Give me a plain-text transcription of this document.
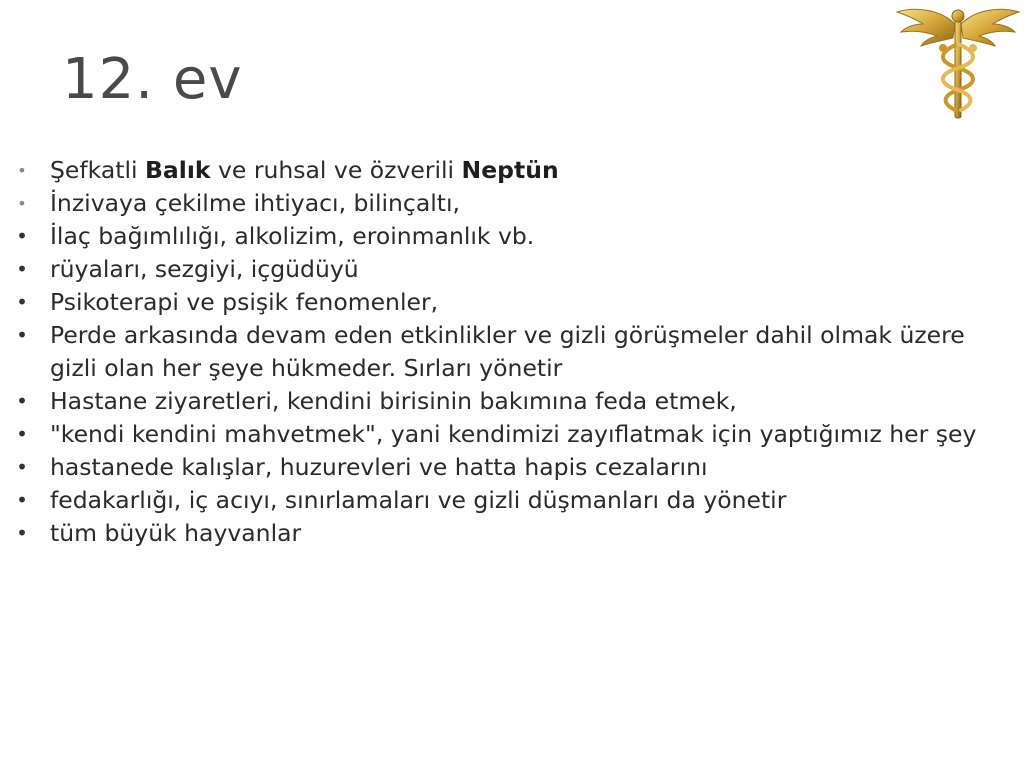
12. ev
• Şefkatli Balık ve ruhsal ve özverili Neptün
• İnzivaya çekilme ihtiyacı, bilinçaltı,
• İlaç bağımlılığı, alkolizim, eroinmanlık vb.
• rüyaları, sezgiyi, içgüdüyü
• Psikoterapi ve psişik fenomenler,
• Perde arkasında devam eden etkinlikler ve gizli görüşmeler dahil olmak üzere gizli olan her şeye hükmeder. Sırları yönetir
• Hastane ziyaretleri, kendini birisinin bakımına feda etmek,
• "kendi kendini mahvetmek", yani kendimizi zayıflatmak için yaptığımız her şey
• hastanede kalışlar, huzurevleri ve hatta hapis cezalarını
• fedakarlığı, iç acıyı, sınırlamaları ve gizli düşmanları da yönetir
• tüm büyük hayvanlar
